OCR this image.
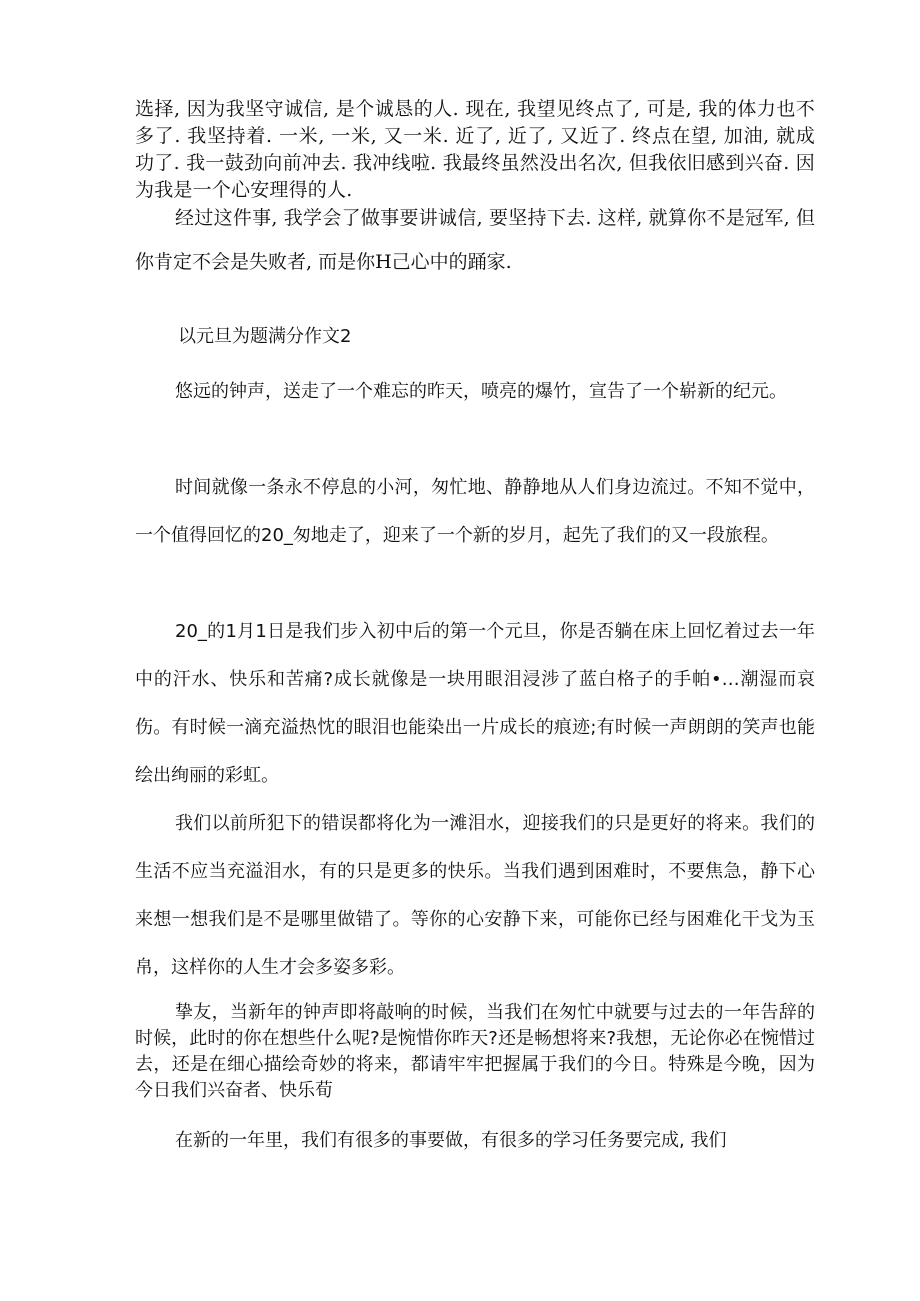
选择, 因为我坚守诚信, 是个诚恳的人. 现在, 我望见终点了, 可是, 我的体力也不多了. 我坚持着. 一米, 一米, 又一米. 近了, 近了, 又近了. 终点在望, 加油, 就成功了. 我一鼓劲向前冲去. 我冲线啦. 我最终虽然没出名次, 但我依旧感到兴奋. 因为我是一个心安理得的人.

经过这件事, 我学会了做事要讲诚信, 要坚持下去. 这样, 就算你不是冠军, 但你肯定不会是失败者, 而是你H己心中的踊家.

以元旦为题满分作文2

悠远的钟声，送走了一个难忘的昨天，喷亮的爆竹，宣告了一个崭新的纪元。

时间就像一条永不停息的小河，匆忙地、静静地从人们身边流过。不知不觉中，一个值得回忆的20_匆地走了，迎来了一个新的岁月，起先了我们的又一段旅程。

20_的1月1日是我们步入初中后的第一个元旦，你是否躺在床上回忆着过去一年中的汗水、快乐和苦痛?成长就像是一块用眼泪浸涉了蓝白格子的手帕•…潮湿而哀伤。有时候一滴充溢热忱的眼泪也能染出一片成长的痕迹;有时候一声朗朗的笑声也能绘出绚丽的彩虹。

我们以前所犯下的错误都将化为一滩泪水，迎接我们的只是更好的将来。我们的生活不应当充溢泪水，有的只是更多的快乐。当我们遇到困难时，不要焦急，静下心来想一想我们是不是哪里做错了。等你的心安静下来，可能你已经与困难化干戈为玉帛，这样你的人生才会多姿多彩。

挚友，当新年的钟声即将敲响的时候，当我们在匆忙中就要与过去的一年告辞的时候，此时的你在想些什么呢?是惋惜你昨天?还是畅想将来?我想，无论你必在惋惜过去，还是在细心描绘奇妙的将来，都请牢牢把握属于我们的今日。特殊是今晚，因为今日我们兴奋者、快乐荀

在新的一年里，我们有很多的事要做，有很多的学习任务要完成, 我们
